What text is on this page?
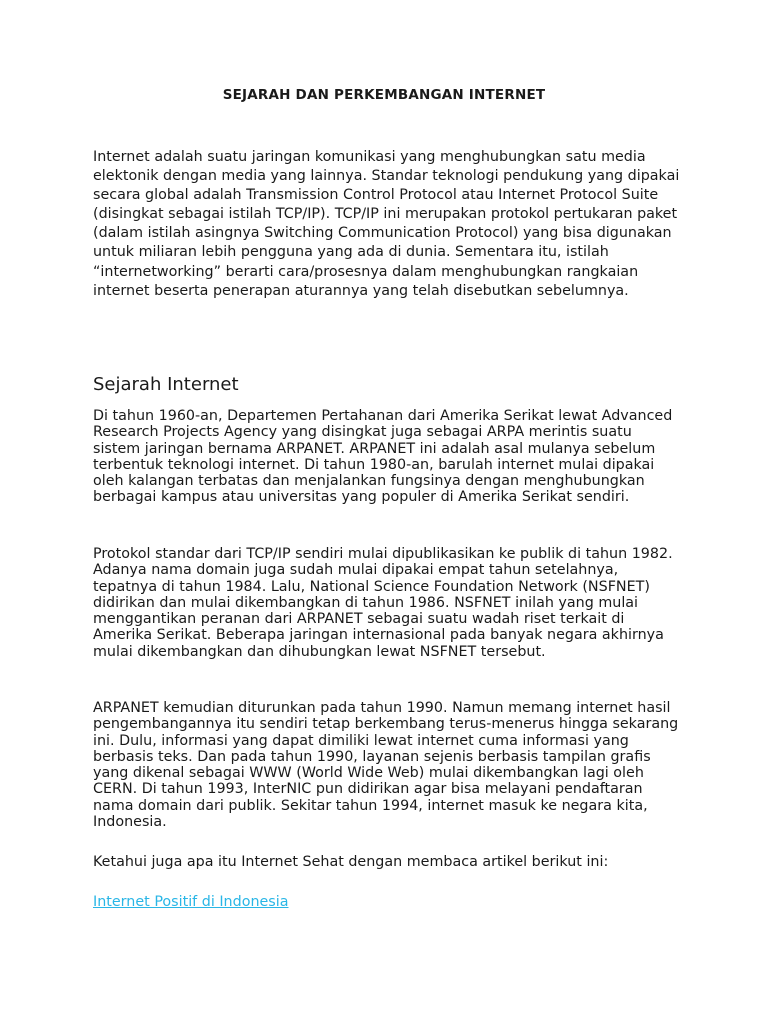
SEJARAH DAN PERKEMBANGAN INTERNET

Internet adalah suatu jaringan komunikasi yang menghubungkan satu media elektonik dengan media yang lainnya. Standar teknologi pendukung yang dipakai secara global adalah Transmission Control Protocol atau Internet Protocol Suite (disingkat sebagai istilah TCP/IP). TCP/IP ini merupakan protokol pertukaran paket (dalam istilah asingnya Switching Communication Protocol) yang bisa digunakan untuk miliaran lebih pengguna yang ada di dunia. Sementara itu, istilah “internetworking” berarti cara/prosesnya dalam menghubungkan rangkaian internet beserta penerapan aturannya yang telah disebutkan sebelumnya.

Sejarah Internet

Di tahun 1960-an, Departemen Pertahanan dari Amerika Serikat lewat Advanced Research Projects Agency yang disingkat juga sebagai ARPA merintis suatu sistem jaringan bernama ARPANET. ARPANET ini adalah asal mulanya sebelum terbentuk teknologi internet. Di tahun 1980-an, barulah internet mulai dipakai oleh kalangan terbatas dan menjalankan fungsinya dengan menghubungkan berbagai kampus atau universitas yang populer di Amerika Serikat sendiri.

Protokol standar dari TCP/IP sendiri mulai dipublikasikan ke publik di tahun 1982. Adanya nama domain juga sudah mulai dipakai empat tahun setelahnya, tepatnya di tahun 1984. Lalu, National Science Foundation Network (NSFNET) didirikan dan mulai dikembangkan di tahun 1986. NSFNET inilah yang mulai menggantikan peranan dari ARPANET sebagai suatu wadah riset terkait di Amerika Serikat. Beberapa jaringan internasional pada banyak negara akhirnya mulai dikembangkan dan dihubungkan lewat NSFNET tersebut.

ARPANET kemudian diturunkan pada tahun 1990. Namun memang internet hasil pengembangannya itu sendiri tetap berkembang terus-menerus hingga sekarang ini. Dulu, informasi yang dapat dimiliki lewat internet cuma informasi yang berbasis teks. Dan pada tahun 1990, layanan sejenis berbasis tampilan grafis yang dikenal sebagai WWW (World Wide Web) mulai dikembangkan lagi oleh CERN. Di tahun 1993, InterNIC pun didirikan agar bisa melayani pendaftaran nama domain dari publik. Sekitar tahun 1994, internet masuk ke negara kita, Indonesia.

Ketahui juga apa itu Internet Sehat dengan membaca artikel berikut ini:

Internet Positif di Indonesia
